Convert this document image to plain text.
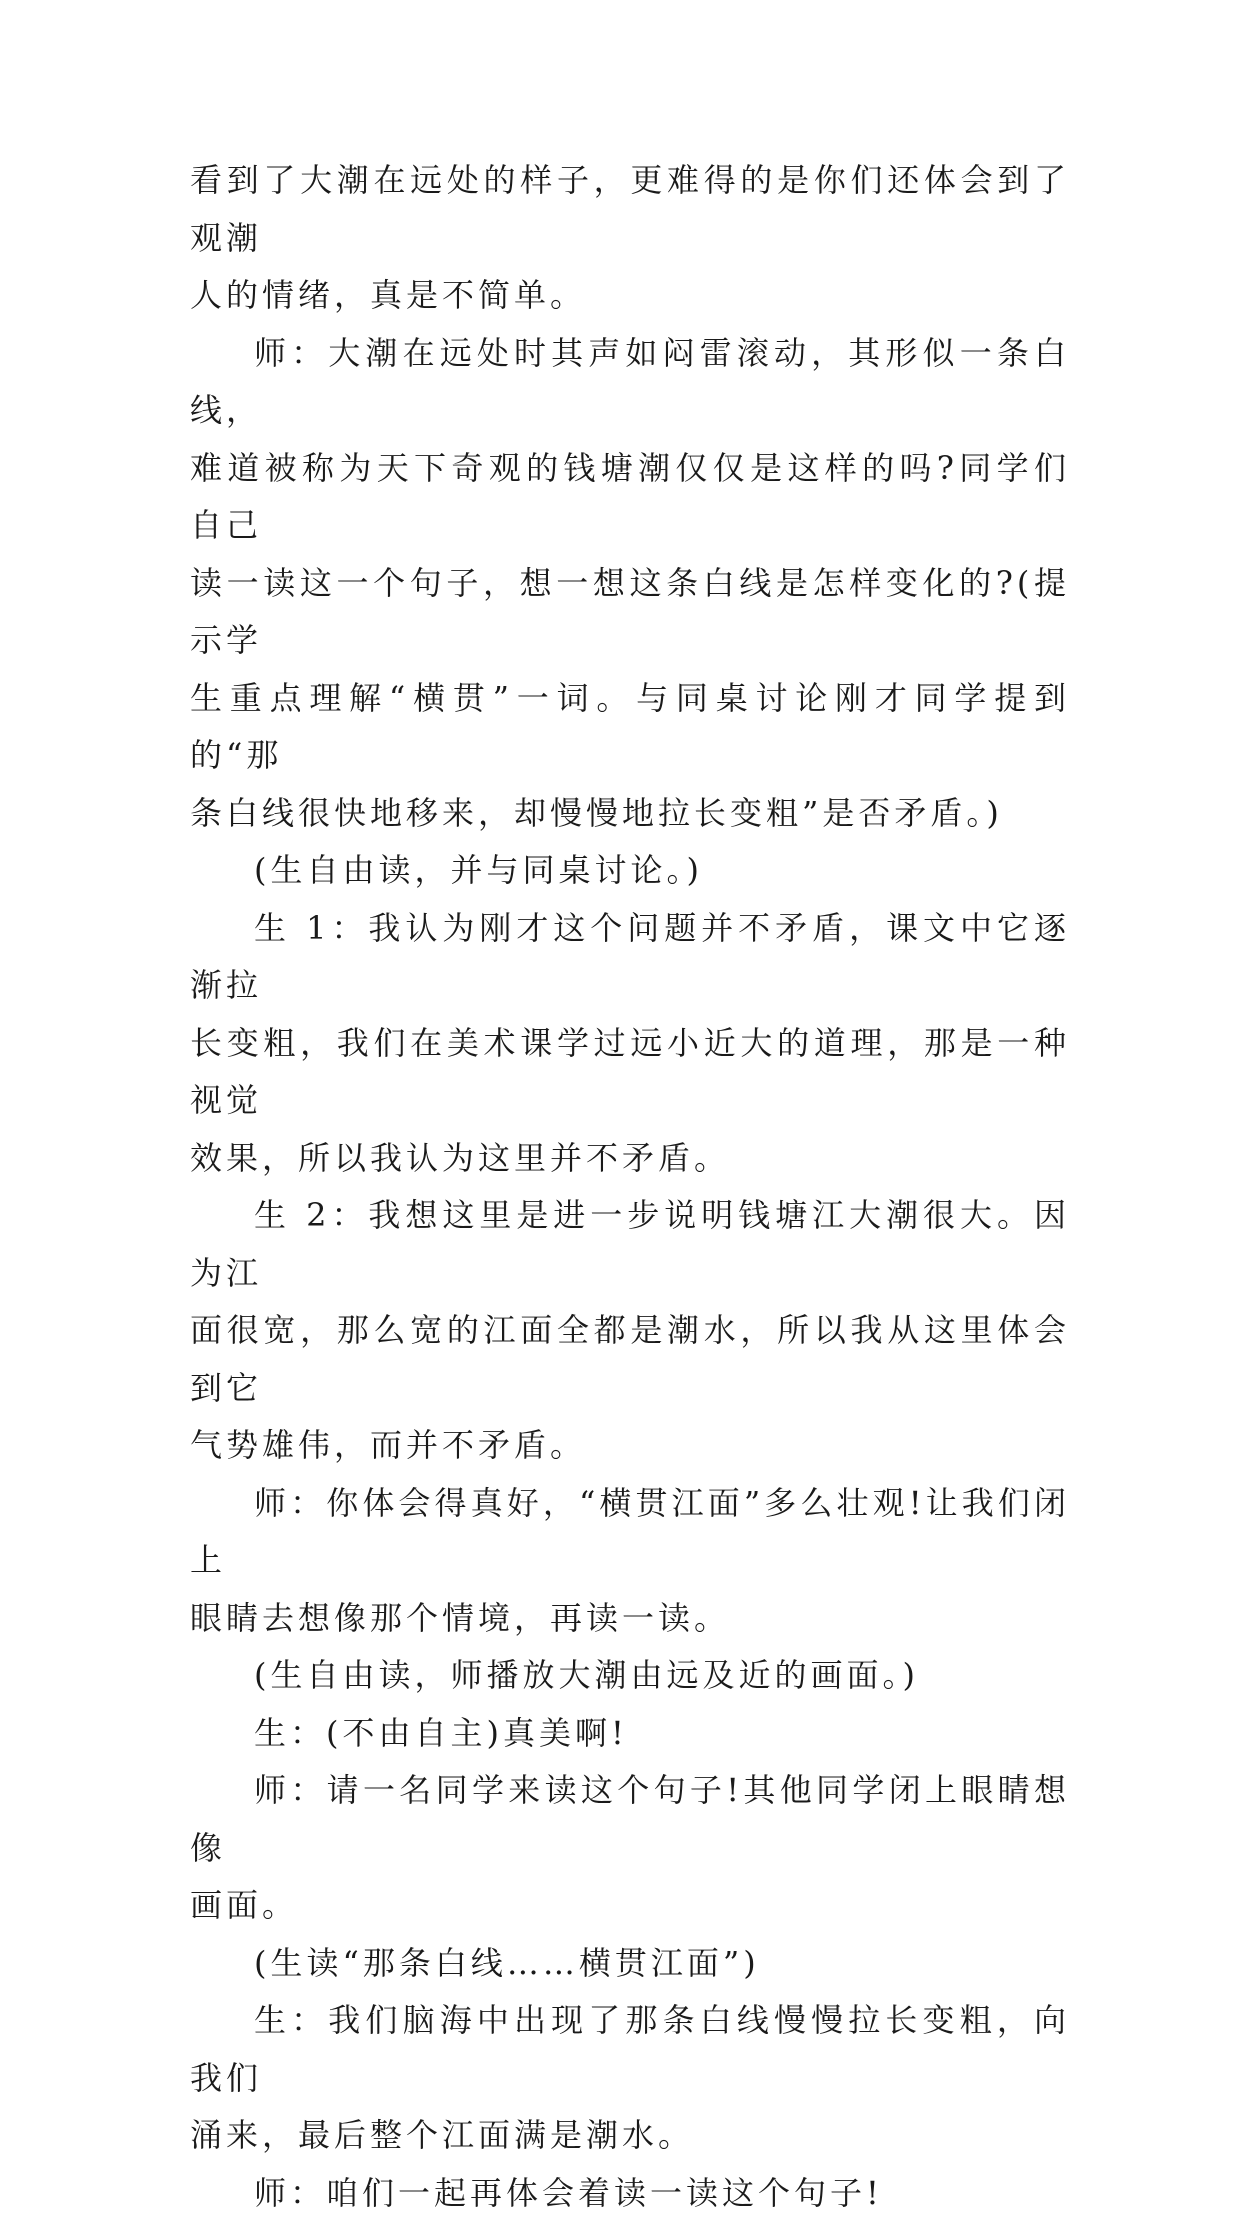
看到了大潮在远处的样子，更难得的是你们还体会到了观潮
人的情绪，真是不简单。

师：大潮在远处时其声如闷雷滚动，其形似一条白线，
难道被称为天下奇观的钱塘潮仅仅是这样的吗?同学们自己
读一读这一个句子，想一想这条白线是怎样变化的?(提示学
生重点理解“横贯”一词。与同桌讨论刚才同学提到的“那
条白线很快地移来，却慢慢地拉长变粗”是否矛盾。)

(生自由读，并与同桌讨论。)

生 1：我认为刚才这个问题并不矛盾，课文中它逐渐拉
长变粗，我们在美术课学过远小近大的道理，那是一种视觉
效果，所以我认为这里并不矛盾。

生 2：我想这里是进一步说明钱塘江大潮很大。因为江
面很宽，那么宽的江面全都是潮水，所以我从这里体会到它
气势雄伟，而并不矛盾。

师：你体会得真好，“横贯江面”多么壮观!让我们闭上
眼睛去想像那个情境，再读一读。

(生自由读，师播放大潮由远及近的画面。)

生：(不由自主)真美啊!

师：请一名同学来读这个句子!其他同学闭上眼睛想像
画面。

(生读“那条白线……横贯江面”)

生：我们脑海中出现了那条白线慢慢拉长变粗，向我们
涌来，最后整个江面满是潮水。

师：咱们一起再体会着读一读这个句子!
